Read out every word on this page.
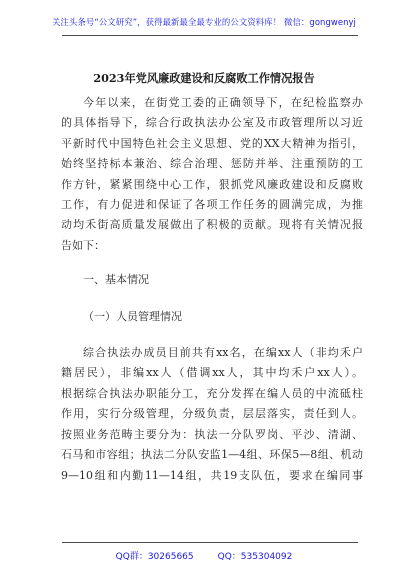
关注头条号“公文研究”，获得最新最全最专业的公文资料库！ 微信：gongwenyj
2023年党风廉政建设和反腐败工作情况报告
今年以来，在街党工委的正确领导下，在纪检监察办
的具体指导下，综合行政执法办公室及市政管理所以习近
平新时代中国特色社会主义思想、党的XX大精神为指引，
始终坚持标本兼治、综合治理、惩防并举、注重预防的工
作方针，紧紧围绕中心工作，狠抓党风廉政建设和反腐败
工作，有力促进和保证了各项工作任务的圆满完成，为推
动均禾街高质量发展做出了积极的贡献。现将有关情况报
告如下：
一、基本情况
（一）人员管理情况
综合执法办成员目前共有xx名，在编xx人（非均禾户
籍居民），非编xx人（借调xx人，其中均禾户xx人）。
根据综合执法办职能分工，充分发挥在编人员的中流砥柱
作用，实行分级管理，分级负责，层层落实，责任到人。
按照业务范畴主要分为：执法一分队罗岗、平沙、清湖、
石马和市容组；执法二分队安监1—4组、环保5—8组、机动
9—10组和内勤11—14组，共19支队伍，要求在编同事
QQ群：30265665	QQ：535304092
